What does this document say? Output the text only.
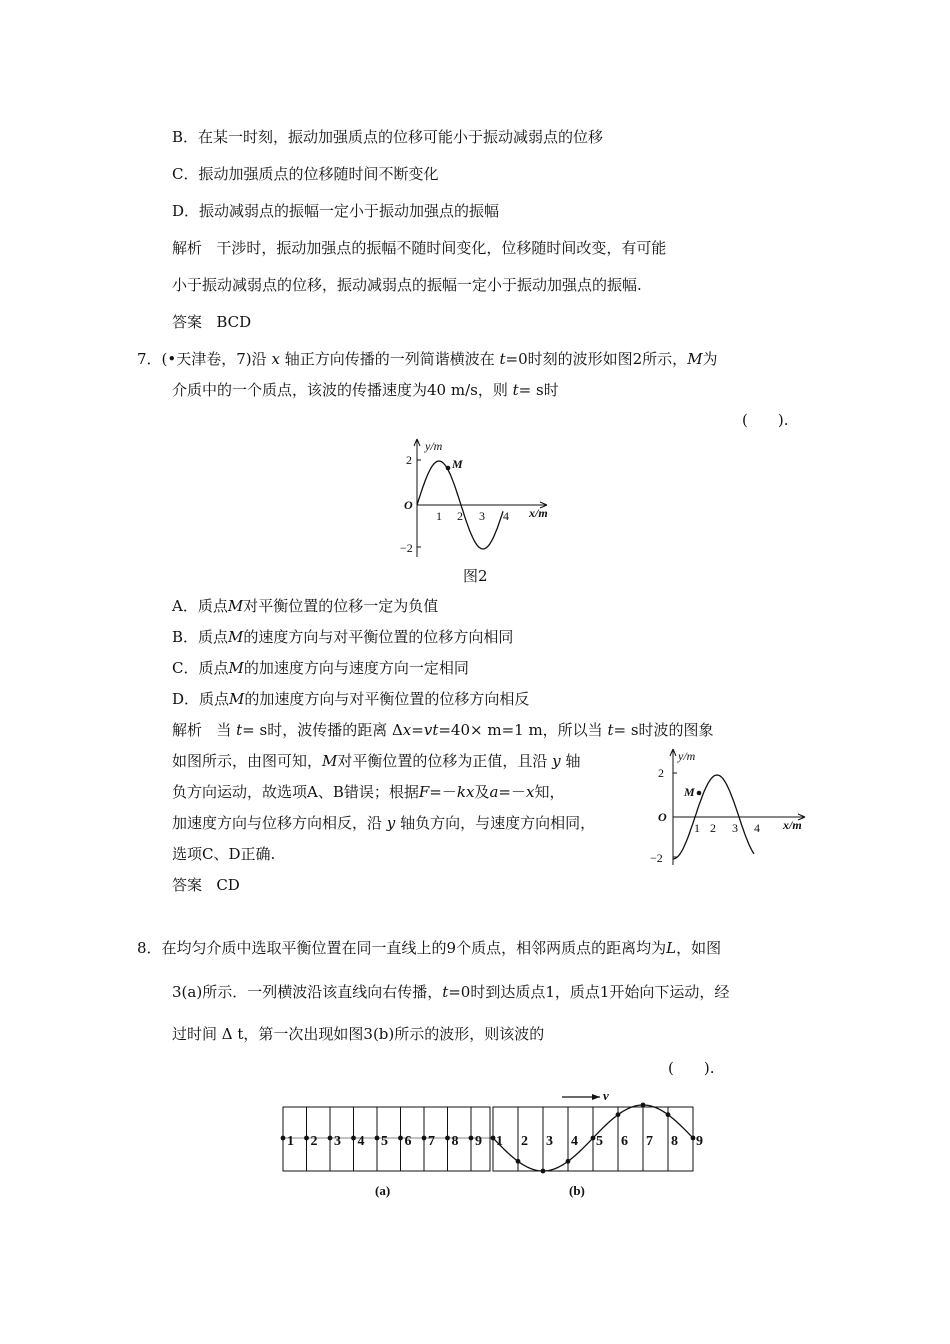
B．在某一时刻，振动加强质点的位移可能小于振动减弱点的位移
C．振动加强质点的位移随时间不断变化
D．振动减弱点的振幅一定小于振动加强点的振幅
解析 干涉时，振动加强点的振幅不随时间变化，位移随时间改变，有可能
小于振动减弱点的位移，振动减弱点的振幅一定小于振动加强点的振幅.
答案 BCD
7．(•天津卷，7)沿 x 轴正方向传播的一列简谐横波在 t=0时刻的波形如图2所示，M为
介质中的一个质点，该波的传播速度为40 m/s，则 t= s时
(　　).
y/m
2
−2
O
1 2 3 4 x/m
M
图2
A．质点M对平衡位置的位移一定为负值
B．质点M的速度方向与对平衡位置的位移方向相同
C．质点M的加速度方向与速度方向一定相同
D．质点M的加速度方向与对平衡位置的位移方向相反
解析 当 t= s时，波传播的距离 Δx=vt=40× m=1 m，所以当 t= s时波的图象
如图所示，由图可知，M对平衡位置的位移为正值，且沿 y 轴
负方向运动，故选项A、B错误；根据F=－kx及a=－x知，
加速度方向与位移方向相反，沿 y 轴负方向，与速度方向相同，
选项C、D正确.
答案 CD
y/m
2
−2
O
1 2 3 4 x/m
M
8．在均匀介质中选取平衡位置在同一直线上的9个质点，相邻两质点的距离均为L，如图
3(a)所示．一列横波沿该直线向右传播，t=0时到达质点1，质点1开始向下运动，经
过时间 Δ t，第一次出现如图3(b)所示的波形，则该波的
(　　).
1 2 3 4 5 6 7 8 9
v
1 2 3 4 5 6 7 8 9
(a)	(b)
